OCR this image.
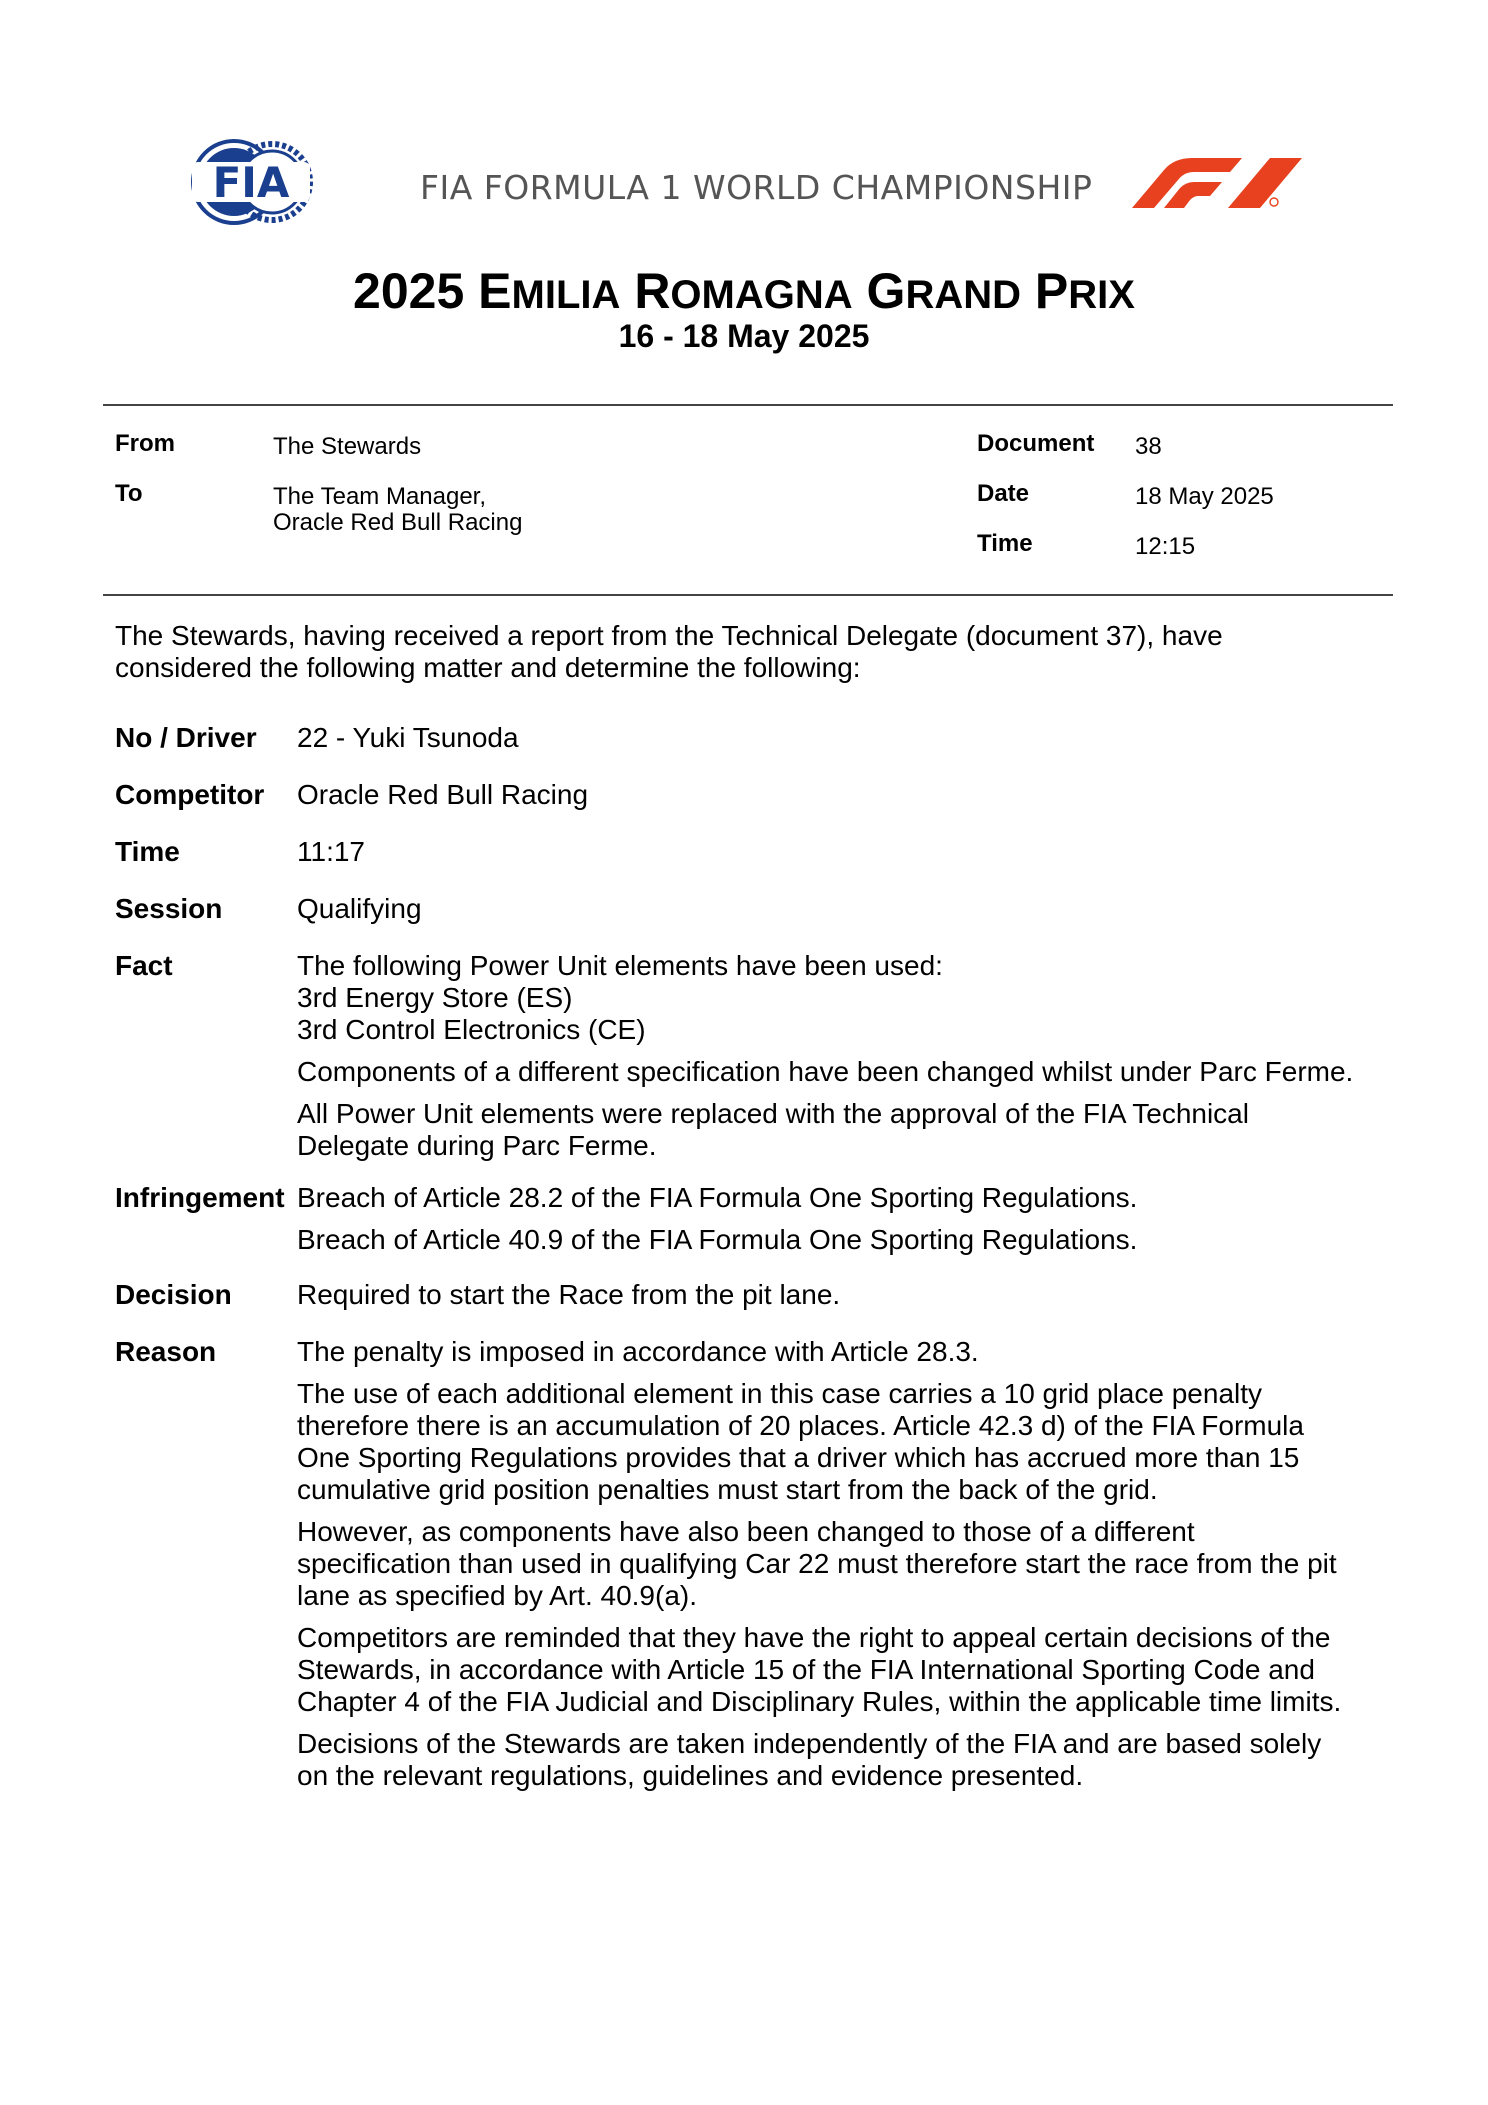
FIA	FIA FORMULA 1 WORLD CHAMPIONSHIP
2025 EMILIA ROMAGNA GRAND PRIX
16 - 18 May 2025
From	The Stewards
To	The Team Manager,
Oracle Red Bull Racing
Document 38
Date	18 May 2025
Time	12:15
The Stewards, having received a report from the Technical Delegate (document 37), have
considered the following matter and determine the following:
No / Driver 22 - Yuki Tsunoda
Competitor Oracle Red Bull Racing
Time	11:17
Session	Qualifying
Fact	The following Power Unit elements have been used:
3rd Energy Store (ES)
3rd Control Electronics (CE)

Components of a different specification have been changed whilst under Parc Ferme.

All Power Unit elements were replaced with the approval of the FIA Technical
Delegate during Parc Ferme.

Infringement Breach of Article 28.2 of the FIA Formula One Sporting Regulations.

Breach of Article 40.9 of the FIA Formula One Sporting Regulations.

Decision Required to start the Race from the pit lane.
Reason	The penalty is imposed in accordance with Article 28.3.

The use of each additional element in this case carries a 10 grid place penalty
therefore there is an accumulation of 20 places. Article 42.3 d) of the FIA Formula
One Sporting Regulations provides that a driver which has accrued more than 15
cumulative grid position penalties must start from the back of the grid.

However, as components have also been changed to those of a different
specification than used in qualifying Car 22 must therefore start the race from the pit
lane as specified by Art. 40.9(a).

Competitors are reminded that they have the right to appeal certain decisions of the
Stewards, in accordance with Article 15 of the FIA International Sporting Code and
Chapter 4 of the FIA Judicial and Disciplinary Rules, within the applicable time limits.

Decisions of the Stewards are taken independently of the FIA and are based solely
on the relevant regulations, guidelines and evidence presented.
